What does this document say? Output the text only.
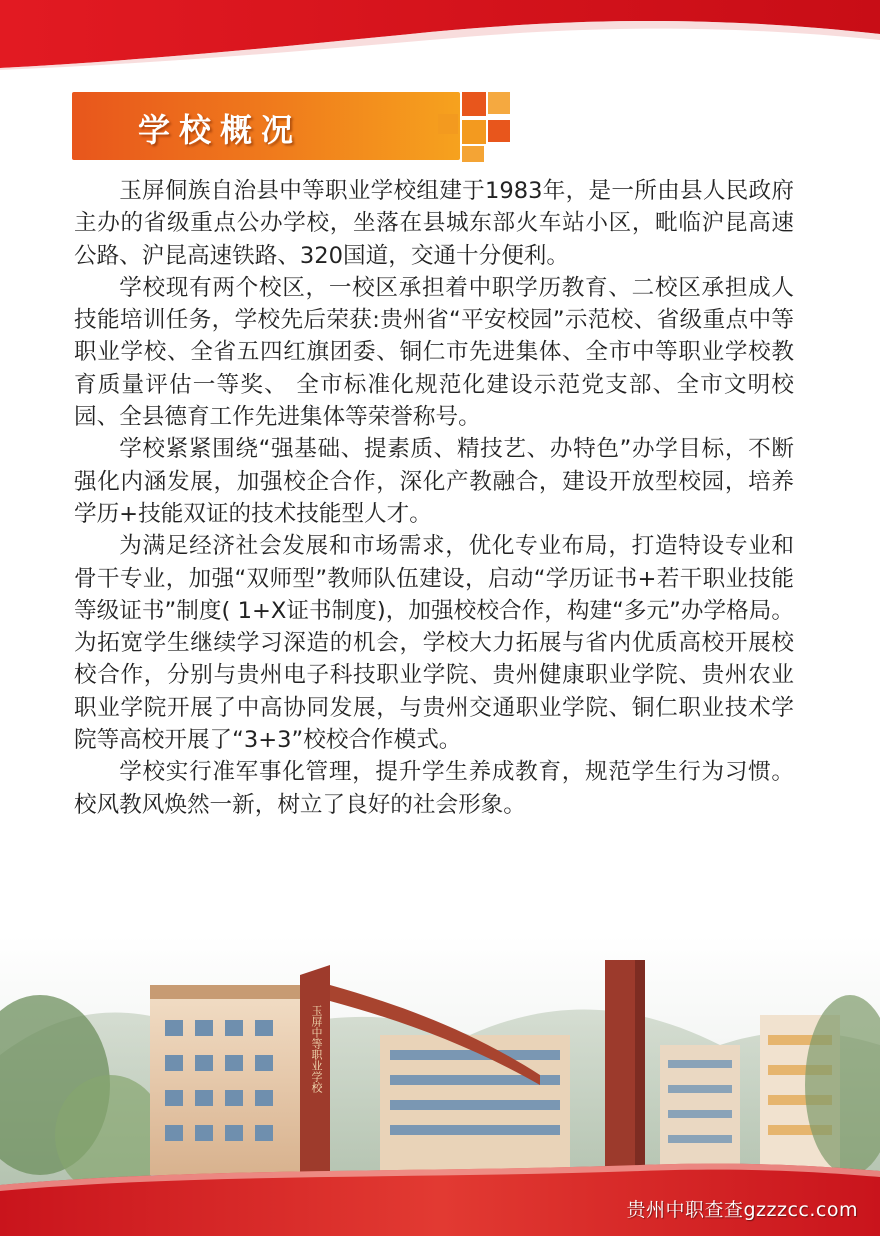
学校概况

玉屏侗族自治县中等职业学校组建于1983年，是一所由县人民政府主办的省级重点公办学校，坐落在县城东部火车站小区，毗临沪昆高速公路、沪昆高速铁路、320国道，交通十分便利。

学校现有两个校区，一校区承担着中职学历教育、二校区承担成人技能培训任务，学校先后荣获:贵州省“平安校园”示范校、省级重点中等职业学校、全省五四红旗团委、铜仁市先进集体、全市中等职业学校教育质量评估一等奖、 全市标准化规范化建设示范党支部、全市文明校园、全县德育工作先进集体等荣誉称号。

学校紧紧围绕“强基础、提素质、精技艺、办特色”办学目标，不断强化内涵发展，加强校企合作，深化产教融合，建设开放型校园，培养学历+技能双证的技术技能型人才。

为满足经济社会发展和市场需求，优化专业布局，打造特设专业和骨干专业，加强“双师型”教师队伍建设，启动“学历证书+若干职业技能等级证书”制度( 1+X证书制度)，加强校校合作，构建“多元”办学格局。为拓宽学生继续学习深造的机会，学校大力拓展与省内优质高校开展校校合作，分别与贵州电子科技职业学院、贵州健康职业学院、贵州农业职业学院开展了中高协同发展，与贵州交通职业学院、铜仁职业技术学院等高校开展了“3+3”校校合作模式。

学校实行准军事化管理，提升学生养成教育，规范学生行为习惯。校风教风焕然一新，树立了良好的社会形象。

玉屏中等职业学校
贵州中职查查gzzzcc.com
